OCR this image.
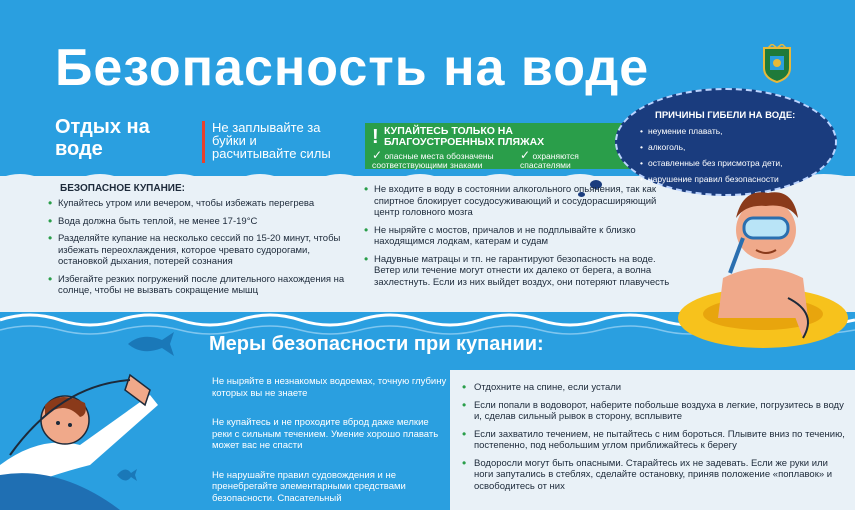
Безопасность на воде
Отдых на воде
Не заплывайте за буйки и расчитывайте силы
! КУПАЙТЕСЬ ТОЛЬКО НА БЛАГОУСТРОЕННЫХ ПЛЯЖАХ
✓ опасные места обозначены соответствующими знаками
✓ охраняются спасателями
ПРИЧИНЫ ГИБЕЛИ НА ВОДЕ:
• неумение плавать,
• алкоголь,
• оставленные без присмотра дети,
• нарушение правил безопасности
БЕЗОПАСНОЕ КУПАНИЕ:
• Купайтесь утром или вечером, чтобы избежать перегрева
• Вода должна быть теплой, не менее 17-19°С
• Разделяйте купание на несколько сессий по 15-20 минут, чтобы избежать переохлаждения, которое чревато судорогами, остановкой дыхания, потерей сознания
• Избегайте резких погружений после длительного нахождения на солнце, чтобы не вызвать сокращение мышц
• Не входите в воду в состоянии алкогольного опьянения, так как спиртное блокирует сосудосуживающий и сосудорасширяющий центр головного мозга
• Не ныряйте с мостов, причалов и не подплывайте к близко находящимся лодкам, катерам и судам
• Надувные матрацы и тп. не гарантируют безопасность на воде. Ветер или течение могут отнести их далеко от берега, а волна захлестнуть. Если из них выйдет воздух, они потеряют плавучесть
Меры безопасности при купании:

Не ныряйте в незнакомых водоемах, точную глубину которых вы не знаете

Не купайтесь и не проходите вброд даже мелкие реки с сильным течением. Умение хорошо плавать может вас не спасти

Не нарушайте правил судовождения и не пренебрегайте элементарными средствами безопасности. Спасательный

• Отдохните на спине, если устали
• Если попали в водоворот, наберите побольше воздуха в легкие, погрузитесь в воду и, сделав сильный рывок в сторону, всплывите
• Если захватило течением, не пытайтесь с ним бороться. Плывите вниз по течению, постепенно, под небольшим углом приближайтесь к берегу
• Водоросли могут быть опасными. Старайтесь их не задевать. Если же руки или ноги запутались в стеблях, сделайте остановку, приняв положение «поплавок» и освободитесь от них
